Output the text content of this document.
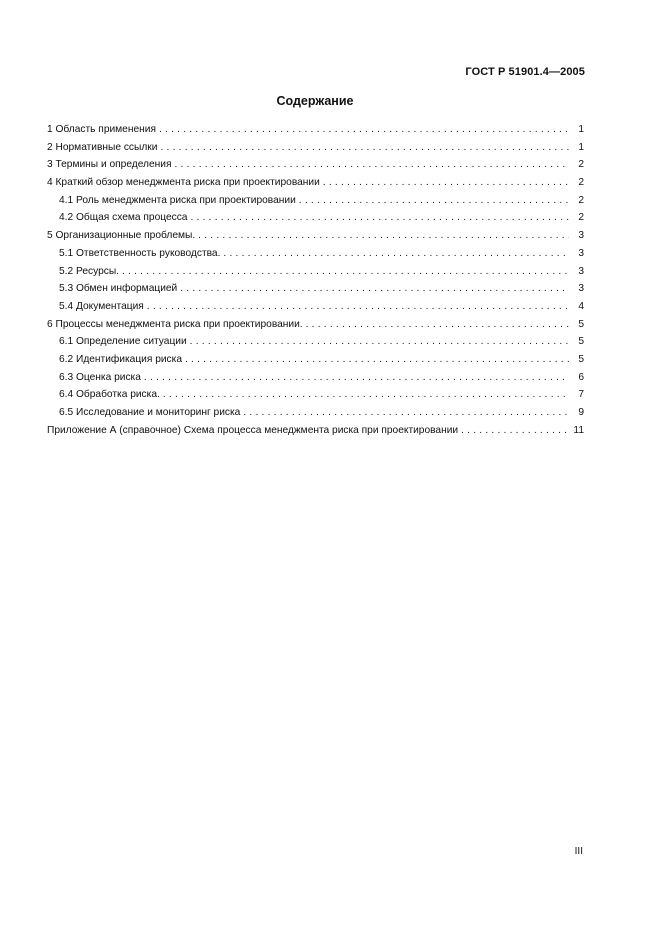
ГОСТ Р 51901.4—2005
Содержание
1 Область применения . . .	1
2 Нормативные ссылки . . .	1
3 Термины и определения . . .	2
4 Краткий обзор менеджмента риска при проектировании . . .	2
4.1 Роль менеджмента риска при проектировании . . .	2
4.2 Общая схема процесса . . .	2
5 Организационные проблемы. . . .	3
5.1 Ответственность руководства. . . .	3
5.2 Ресурсы. . . .	3
5.3 Обмен информацией . . .	3
5.4 Документация . . .	4
6 Процессы менеджмента риска при проектировании. . . .	5
6.1 Определение ситуации . . .	5
6.2 Идентификация риска . . .	5
6.3 Оценка риска . . .	6
6.4 Обработка риска. . . .	7
6.5 Исследование и мониторинг риска . . .	9
Приложение А (справочное) Схема процесса менеджмента риска при проектировании . . .	11
III
